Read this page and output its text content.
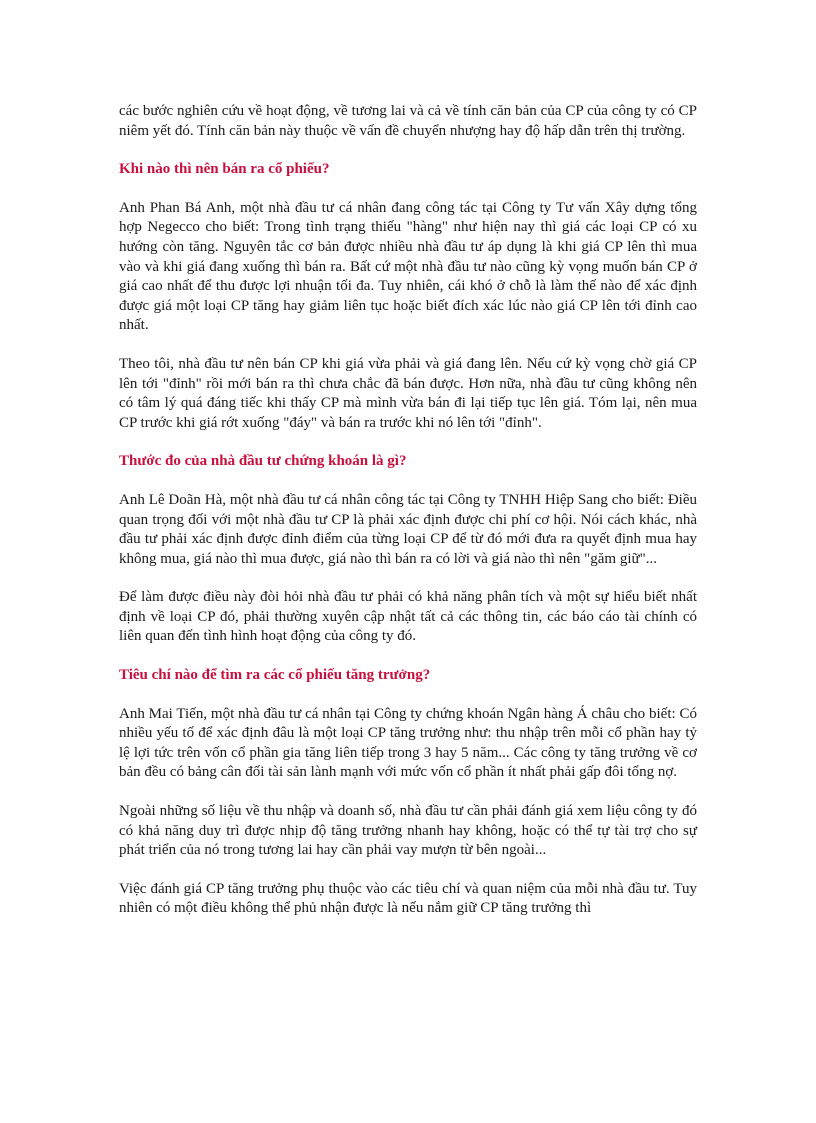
các bước nghiên cứu về hoạt động, về tương lai và cả về tính căn bản của CP của công ty có CP niêm yết đó. Tính căn bản này thuộc về vấn đề chuyển nhượng hay độ hấp dẫn trên thị trường.

Khi nào thì nên bán ra cổ phiếu?

Anh Phan Bá Anh, một nhà đầu tư cá nhân đang công tác tại Công ty Tư vấn Xây dựng tổng hợp Negecco cho biết: Trong tình trạng thiếu "hàng" như hiện nay thì giá các loại CP có xu hướng còn tăng. Nguyên tắc cơ bản được nhiều nhà đầu tư áp dụng là khi giá CP lên thì mua vào và khi giá đang xuống thì bán ra. Bất cứ một nhà đầu tư nào cũng kỳ vọng muốn bán CP ở giá cao nhất để thu được lợi nhuận tối đa. Tuy nhiên, cái khó ở chỗ là làm thế nào để xác định được giá một loại CP tăng hay giảm liên tục hoặc biết đích xác lúc nào giá CP lên tới đỉnh cao nhất.

Theo tôi, nhà đầu tư nên bán CP khi giá vừa phải và giá đang lên. Nếu cứ kỳ vọng chờ giá CP lên tới "đỉnh" rồi mới bán ra thì chưa chắc đã bán được. Hơn nữa, nhà đầu tư cũng không nên có tâm lý quá đáng tiếc khi thấy CP mà mình vừa bán đi lại tiếp tục lên giá. Tóm lại, nên mua CP trước khi giá rớt xuống "đáy" và bán ra trước khi nó lên tới "đỉnh".

Thước đo của nhà đầu tư chứng khoán là gì?

Anh Lê Doãn Hà, một nhà đầu tư cá nhân công tác tại Công ty TNHH Hiệp Sang cho biết: Điều quan trọng đối với một nhà đầu tư CP là phải xác định được chi phí cơ hội. Nói cách khác, nhà đầu tư phải xác định được đỉnh điểm của từng loại CP để từ đó mới đưa ra quyết định mua hay không mua, giá nào thì mua được, giá nào thì bán ra có lời và giá nào thì nên "găm giữ"...

Để làm được điều này đòi hỏi nhà đầu tư phải có khả năng phân tích và một sự hiểu biết nhất định về loại CP đó, phải thường xuyên cập nhật tất cả các thông tin, các báo cáo tài chính có liên quan đến tình hình hoạt động của công ty đó.

Tiêu chí nào để tìm ra các cổ phiếu tăng trưởng?

Anh Mai Tiến, một nhà đầu tư cá nhân tại Công ty chứng khoán Ngân hàng Á châu cho biết: Có nhiều yếu tố để xác định đâu là một loại CP tăng trưởng như: thu nhập trên mỗi cổ phần hay tỷ lệ lợi tức trên vốn cổ phần gia tăng liên tiếp trong 3 hay 5 năm... Các công ty tăng trưởng về cơ bản đều có bảng cân đối tài sản lành mạnh với mức vốn cổ phần ít nhất phải gấp đôi tổng nợ.

Ngoài những số liệu về thu nhập và doanh số, nhà đầu tư cần phải đánh giá xem liệu công ty đó có khả năng duy trì được nhịp độ tăng trưởng nhanh hay không, hoặc có thể tự tài trợ cho sự phát triển của nó trong tương lai hay cần phải vay mượn từ bên ngoài...

Việc đánh giá CP tăng trưởng phụ thuộc vào các tiêu chí và quan niệm của mỗi nhà đầu tư. Tuy nhiên có một điều không thể phủ nhận được là nếu nắm giữ CP tăng trưởng thì
